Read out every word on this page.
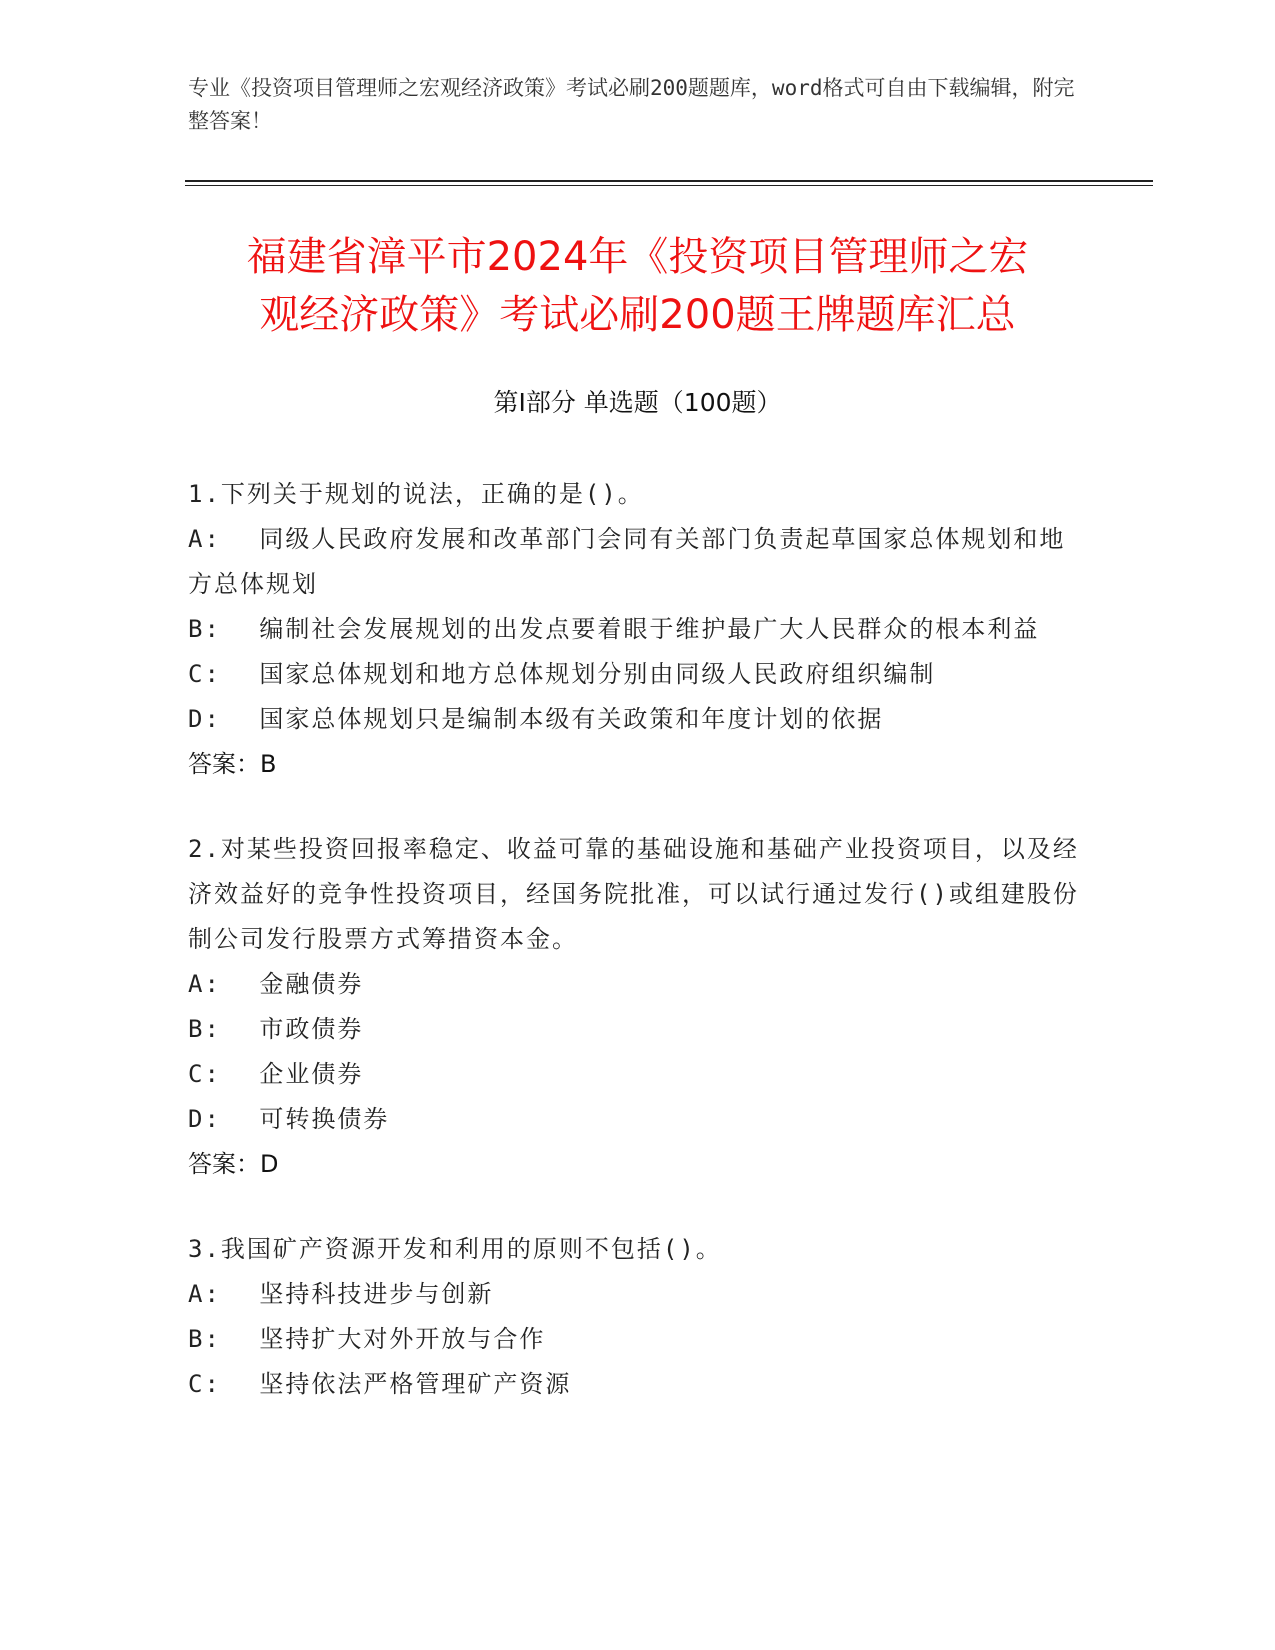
专业《投资项目管理师之宏观经济政策》考试必刷200题题库，word格式可自由下载编辑，附完整答案！
福建省漳平市2024年《投资项目管理师之宏
观经济政策》考试必刷200题王牌题库汇总
第I部分 单选题（100题）
1.下列关于规划的说法，正确的是()。
A: 同级人民政府发展和改革部门会同有关部门负责起草国家总体规划和地方总体规划
B: 编制社会发展规划的出发点要着眼于维护最广大人民群众的根本利益
C: 国家总体规划和地方总体规划分别由同级人民政府组织编制
D: 国家总体规划只是编制本级有关政策和年度计划的依据
答案：B
2.对某些投资回报率稳定、收益可靠的基础设施和基础产业投资项目，以及经济效益好的竞争性投资项目，经国务院批准，可以试行通过发行()或组建股份制公司发行股票方式筹措资本金。
A: 金融债券
B: 市政债券
C: 企业债券
D: 可转换债券
答案：D
3.我国矿产资源开发和利用的原则不包括()。
A: 坚持科技进步与创新
B: 坚持扩大对外开放与合作
C: 坚持依法严格管理矿产资源
